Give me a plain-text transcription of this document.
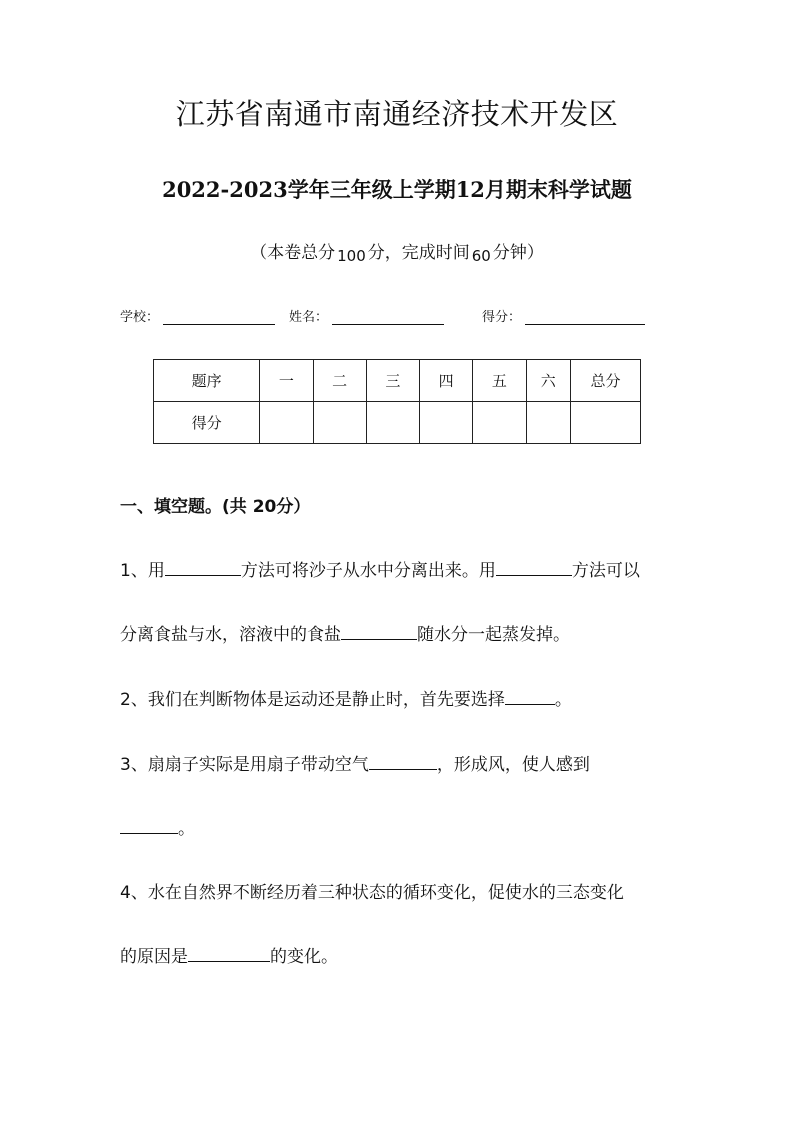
江苏省南通市南通经济技术开发区
2022-2023学年三年级上学期12月期末科学试题
（本卷总分 100 分，完成时间 60 分钟）
学校：	姓名：	得分：
题序	一	二	三	四	五	六	总分
得分							
一、填空题。(共 20分）
1、用	方法可将沙子从水中分离出来。用	方法可以
分离食盐与水，溶液中的食盐	随水分一起蒸发掉。
2、我们在判断物体是运动还是静止时，首先要选择	。
3、扇扇子实际是用扇子带动空气	，形成风，使人感到
。
4、水在自然界不断经历着三种状态的循环变化，促使水的三态变化
的原因是	的变化。
